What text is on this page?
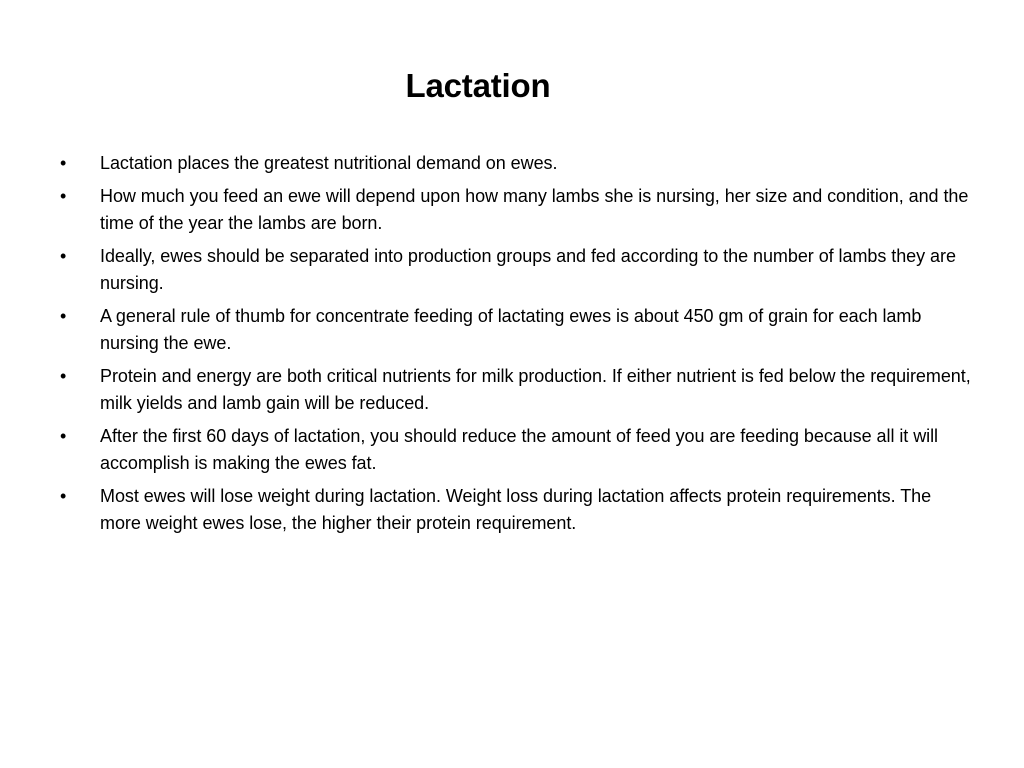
Lactation
• Lactation places the greatest nutritional demand on ewes.
• How much you feed an ewe will depend upon how many lambs she is nursing, her size and condition, and the time of the year the lambs are born.
• Ideally, ewes should be separated into production groups and fed according to the number of lambs they are nursing.
• A general rule of thumb for concentrate feeding of lactating ewes is about 450 gm of grain for each lamb nursing the ewe.
• Protein and energy are both critical nutrients for milk production. If either nutrient is fed below the requirement, milk yields and lamb gain will be reduced.
• After the first 60 days of lactation, you should reduce the amount of feed you are feeding because all it will accomplish is making the ewes fat.
• Most ewes will lose weight during lactation. Weight loss during lactation affects protein requirements. The more weight ewes lose, the higher their protein requirement.
